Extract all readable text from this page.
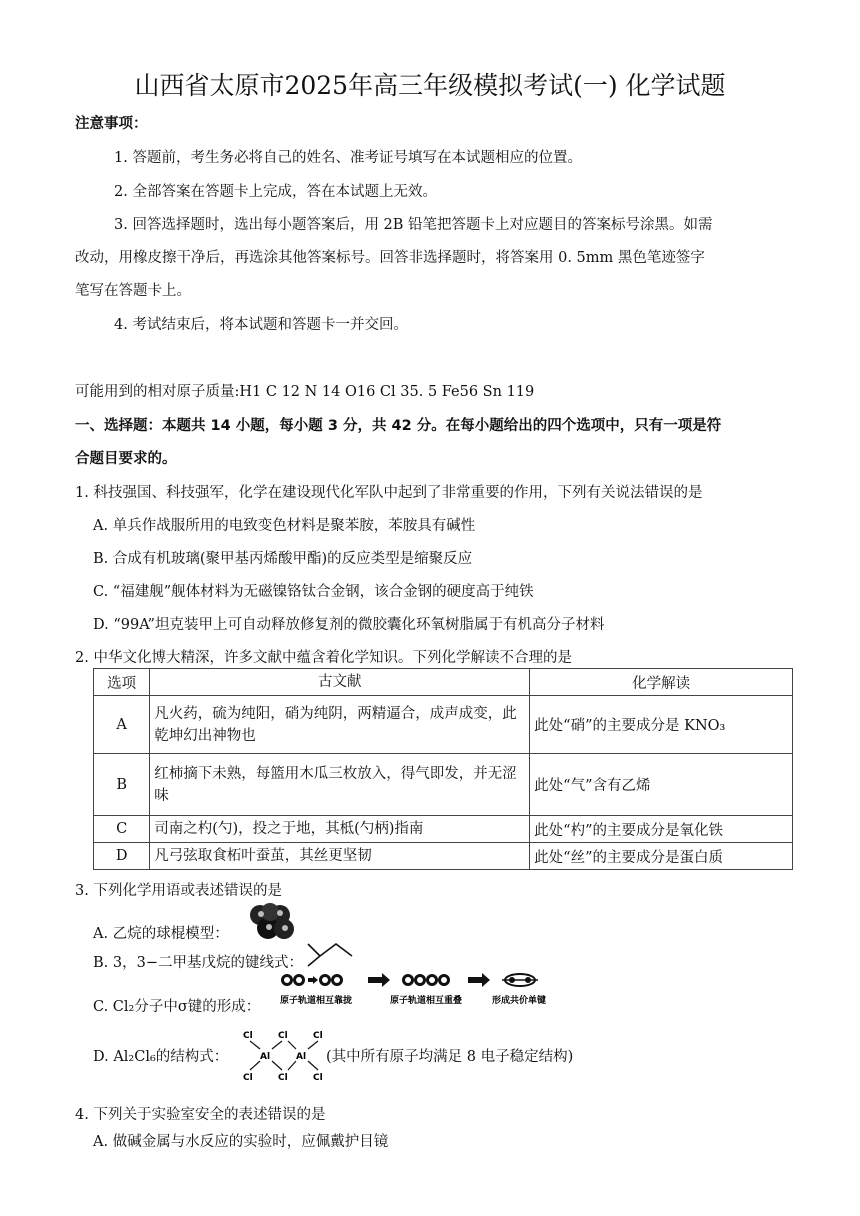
山西省太原市2025年高三年级模拟考试(一) 化学试题
注意事项：
1. 答题前，考生务必将自己的姓名、准考证号填写在本试题相应的位置。
2. 全部答案在答题卡上完成，答在本试题上无效。
3. 回答选择题时，选出每小题答案后，用 2B 铅笔把答题卡上对应题目的答案标号涂黑。如需
改动，用橡皮擦干净后，再选涂其他答案标号。回答非选择题时，将答案用 0. 5mm 黑色笔迹签字
笔写在答题卡上。
4. 考试结束后，将本试题和答题卡一并交回。
可能用到的相对原子质量:H1 C 12 N 14 O16 Cl 35. 5 Fe56 Sn 119
一、选择题：本题共 14 小题，每小题 3 分，共 42 分。在每小题给出的四个选项中，只有一项是符
合题目要求的。
1. 科技强国、科技强军，化学在建设现代化军队中起到了非常重要的作用，下列有关说法错误的是
A. 单兵作战服所用的电致变色材料是聚苯胺，苯胺具有碱性
B. 合成有机玻璃(聚甲基丙烯酸甲酯)的反应类型是缩聚反应
C. “福建舰”舰体材料为无磁镍铬钛合金钢，该合金钢的硬度高于纯铁
D. “99A”坦克装甲上可自动释放修复剂的微胶囊化环氧树脂属于有机高分子材料
2. 中华文化博大精深，许多文献中蕴含着化学知识。下列化学解读不合理的是
选项	古文献	化学解读
A	凡火药，硫为纯阳，硝为纯阴，两精逼合，成声成变，此乾坤幻出神物也	此处“硝”的主要成分是 KNO₃
B	红柿摘下未熟，每篮用木瓜三枚放入，得气即发，并无涩味	此处“气”含有乙烯
C	司南之杓(勺)，投之于地，其柢(勺柄)指南	此处“杓”的主要成分是氧化铁
D	凡弓弦取食柘叶蚕茧，其丝更坚韧	此处“丝”的主要成分是蛋白质
3. 下列化学用语或表述错误的是
A. 乙烷的球棍模型：
B. 3，3−二甲基戊烷的键线式：
C. Cl₂分子中σ键的形成： 原子轨道相互靠拢	原子轨道相互重叠	形成共价单键
D. Al₂Cl₆的结构式：
Cl	Cl	Cl
Al	Al
Cl	Cl	Cl
(其中所有原子均满足 8 电子稳定结构)
4. 下列关于实验室安全的表述错误的是
A. 做碱金属与水反应的实验时，应佩戴护目镜
